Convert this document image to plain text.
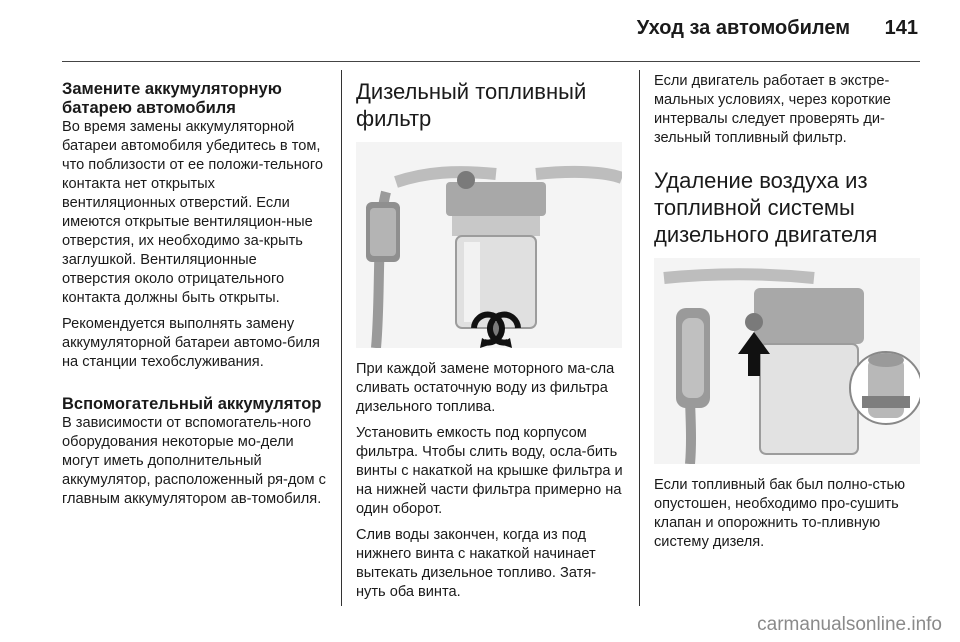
Уход за автомобилем 141
Замените аккумуляторную батарею автомобиля

Во время замены аккумуляторной батареи автомобиля убедитесь в том, что поблизости от ее положи-тельного контакта нет открытых вентиляционных отверстий. Если имеются открытые вентиляцион-ные отверстия, их необходимо за-крыть заглушкой. Вентиляционные отверстия около отрицательного контакта должны быть открыты.

Рекомендуется выполнять замену аккумуляторной батареи автомо-биля на станции техобслуживания.

Вспомогательный аккумулятор

В зависимости от вспомогатель-ного оборудования некоторые мо-дели могут иметь дополнительный аккумулятор, расположенный ря-дом с главным аккумулятором ав-томобиля.

Дизельный топливный фильтр

При каждой замене моторного ма-сла сливать остаточную воду из фильтра дизельного топлива.

Установить емкость под корпусом фильтра. Чтобы слить воду, осла-бить винты с накаткой на крышке фильтра и на нижней части фильтра примерно на один оборот.

Слив воды закончен, когда из под нижнего винта с накаткой начинает вытекать дизельное топливо. Затя-нуть оба винта.

Если двигатель работает в экстре-мальных условиях, через короткие интервалы следует проверять ди-зельный топливный фильтр.

Удаление воздуха из топливной системы дизельного двигателя

Если топливный бак был полно-стью опустошен, необходимо про-сушить клапан и опорожнить то-пливную систему дизеля.

carmanualsonline.info
